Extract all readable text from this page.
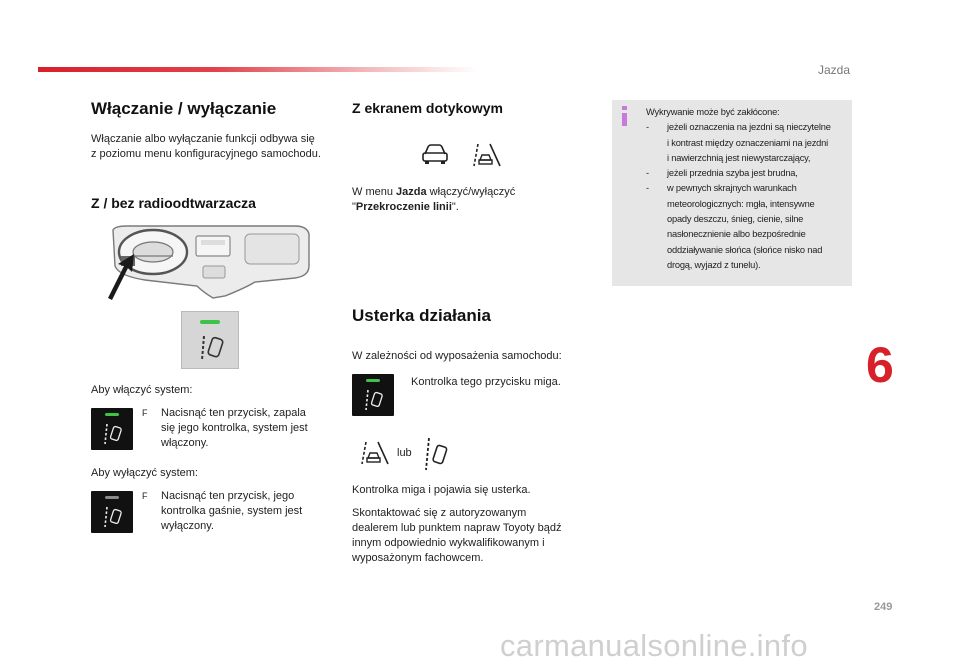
Jazda
Włączanie / wyłączanie
Włączanie albo wyłączanie funkcji odbywa się
z poziomu menu konfiguracyjnego samochodu.
Z / bez radioodtwarzacza
Aby włączyć system:
F	Nacisnąć ten przycisk, zapala
się jego kontrolka, system jest
włączony.
Aby wyłączyć system:
F	Nacisnąć ten przycisk, jego
kontrolka gaśnie, system jest
wyłączony.
Z ekranem dotykowym
W menu Jazda włączyć/wyłączyć
"Przekroczenie linii".
Usterka działania
W zależności od wyposażenia samochodu:
Kontrolka tego przycisku miga.
lub
Kontrolka miga i pojawia się usterka.
Skontaktować się z autoryzowanym
dealerem lub punktem napraw Toyoty bądź
innym odpowiednio wykwalifikowanym i
wyposażonym fachowcem.
Wykrywanie może być zakłócone:
-	jeżeli oznaczenia na jezdni są nieczytelne
i kontrast między oznaczeniami na jezdni
i nawierzchnią jest niewystarczający,
-	jeżeli przednia szyba jest brudna,
-	w pewnych skrajnych warunkach
meteorologicznych: mgła, intensywne
opady deszczu, śnieg, cienie, silne
nasłonecznienie albo bezpośrednie
oddziaływanie słońca (słońce nisko nad
drogą, wyjazd z tunelu).
6
249
carmanualsonline.info
